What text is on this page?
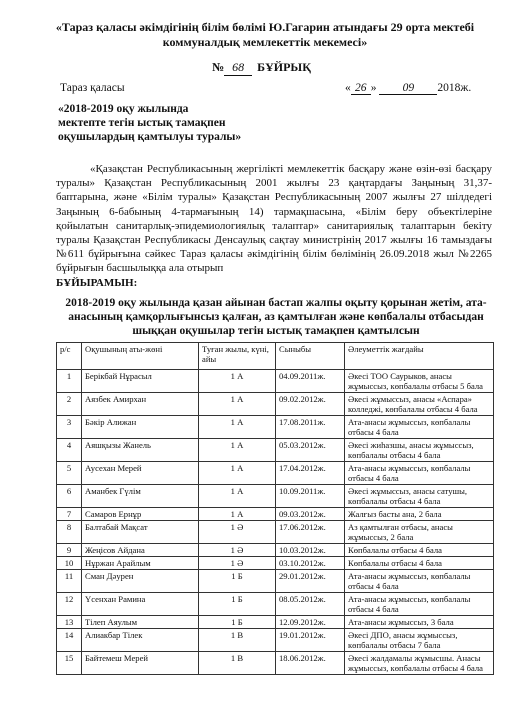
«Тараз қаласы әкімдігінің білім бөлімі Ю.Гагарин атындағы 29 орта мектебі
коммуналдық мемлекеттік мекемесі»
№ 68 БҰЙРЫҚ
Тараз қаласы	« 26 » 09 2018ж.
«2018-2019 оқу жылында
мектепте тегін ыстық тамақпен
оқушылардың қамтылуы туралы»
«Қазақстан Республикасының жергілікті мемлекеттік басқару және өзін-өзі басқару туралы» Қазақстан Республикасының 2001 жылғы 23 қаңтардағы Заңының 31,37-баптарына, және «Білім туралы» Қазақстан Республикасының 2007 жылғы 27 шілдедегі Заңының 6-бабының 4-тармағының 14) тармақшасына, «Білім беру объектілеріне қойылатын санитарлық-эпидемиологиялық талаптар» санитариялық талаптарын бекіту туралы Қазақстан Республикасы Денсаулық сақтау министрінің 2017 жылғы 16 тамыздағы №611 бұйрығына сәйкес Тараз қаласы әкімдігінің білім бөлімінің 26.09.2018 жыл №2265 бұйрығын басшылыққа ала отырып
БҰЙЫРАМЫН:
2018-2019 оқу жылында қазан айынан бастап жалпы оқыту қорынан жетім, ата-анасының қамқорлығынсыз қалған, аз қамтылған және көпбалалы отбасыдан шыққан оқушылар тегін ыстық тамақпен қамтылсын
р/с	Оқушының аты-жөні	Туған жылы, күні, айы	Сыныбы	Әлеуметтік жағдайы
1	Берікбай Нұрасыл	1 А	04.09.2011ж.	Әкесі ТОО Саурыков, анасы жұмыссыз, көпбалалы отбасы 5 бала
2	Аязбек Амирхан	1 А	09.02.2012ж.	Әкесі жұмыссыз, анасы «Аспара» колледжі, көпбалалы отбасы 4 бала
3	Бәкір Алижан	1 А	17.08.2011ж.	Ата-анасы жұмыссыз, көпбалалы отбасы 4 бала
4	Аяшқызы Жанель	1 А	05.03.2012ж.	Әкесі жиһазшы, анасы жұмыссыз, көпбалалы отбасы 4 бала
5	Аусехан Мерей	1 А	17.04.2012ж.	Ата-анасы жұмыссыз, көпбалалы отбасы 4 бала
6	Аманбек Гүлім	1 А	10.09.2011ж.	Әкесі жұмыссыз, анасы сатушы, көпбалалы отбасы 4 бала
7	Самаров Ернұр	1 А	09.03.2012ж.	Жалғыз басты ана, 2 бала
8	Балтабай Мақсат	1 Ә	17.06.2012ж.	Аз қамтылған отбасы, анасы жұмыссыз, 2 бала
9	Жеңісов Айдана	1 Ә	10.03.2012ж.	Көпбалалы отбасы 4 бала
10	Нұржан Арайлым	1 Ә	03.10.2012ж.	Көпбалалы отбасы 4 бала
11	Сман Дәурен	1 Б	29.01.2012ж.	Ата-анасы жұмыссыз, көпбалалы отбасы 4 бала
12	Үсенхан Рамина	1 Б	08.05.2012ж.	Ата-анасы жұмыссыз, көпбалалы отбасы 4 бала
13	Тілеп Аяулым	1 Б	12.09.2012ж.	Ата-анасы жұмыссыз, 3 бала
14	Алиакбар Тілек	1 В	19.01.2012ж.	Әкесі ДПО, анасы жұмыссыз, көпбалалы отбасы 7 бала
15	Байтемеш Мерей	1 В	18.06.2012ж.	Әкесі жалдамалы жұмысшы. Анасы жұмыссыз, көпбалалы отбасы 4 бала
